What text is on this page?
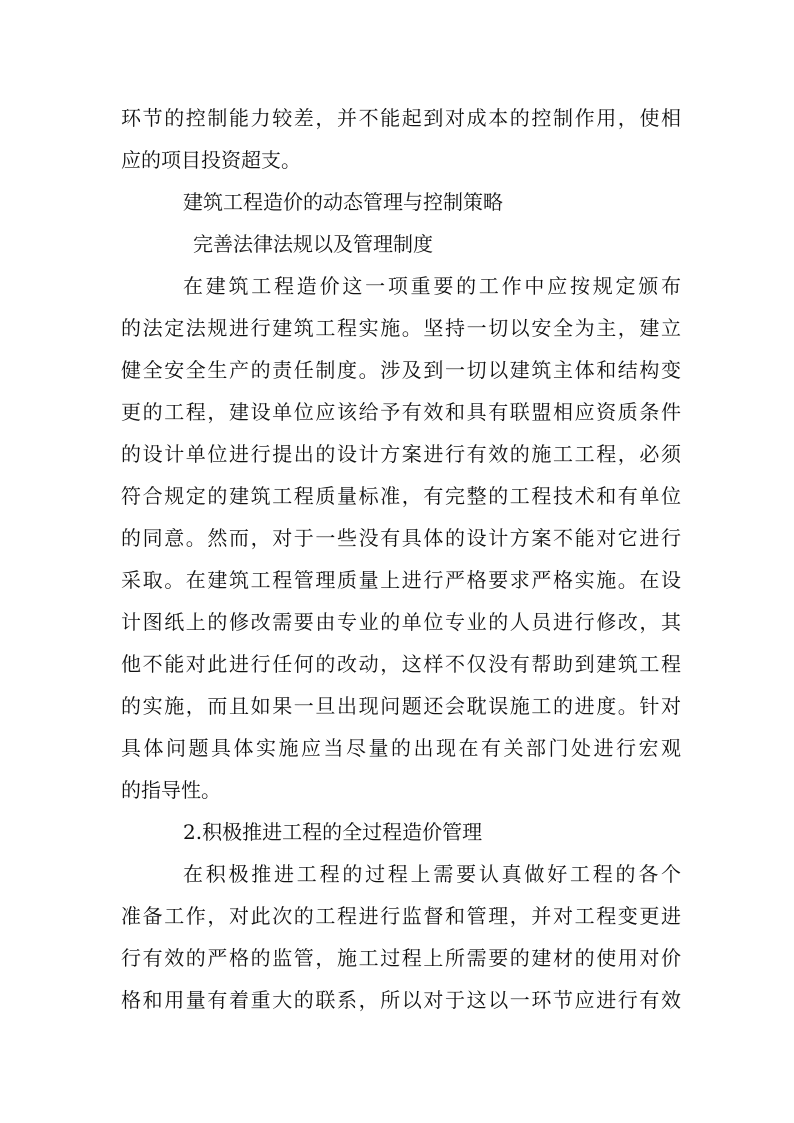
环节的控制能力较差，并不能起到对成本的控制作用，使相
应的项目投资超支。
建筑工程造价的动态管理与控制策略
完善法律法规以及管理制度
在建筑工程造价这一项重要的工作中应按规定颁布
的法定法规进行建筑工程实施。坚持一切以安全为主，建立
健全安全生产的责任制度。涉及到一切以建筑主体和结构变
更的工程，建设单位应该给予有效和具有联盟相应资质条件
的设计单位进行提出的设计方案进行有效的施工工程，必须
符合规定的建筑工程质量标准，有完整的工程技术和有单位
的同意。然而，对于一些没有具体的设计方案不能对它进行
采取。在建筑工程管理质量上进行严格要求严格实施。在设
计图纸上的修改需要由专业的单位专业的人员进行修改，其
他不能对此进行任何的改动，这样不仅没有帮助到建筑工程
的实施，而且如果一旦出现问题还会耽误施工的进度。针对
具体问题具体实施应当尽量的出现在有关部门处进行宏观
的指导性。
2.积极推进工程的全过程造价管理
在积极推进工程的过程上需要认真做好工程的各个
准备工作，对此次的工程进行监督和管理，并对工程变更进
行有效的严格的监管，施工过程上所需要的建材的使用对价
格和用量有着重大的联系，所以对于这以一环节应进行有效
